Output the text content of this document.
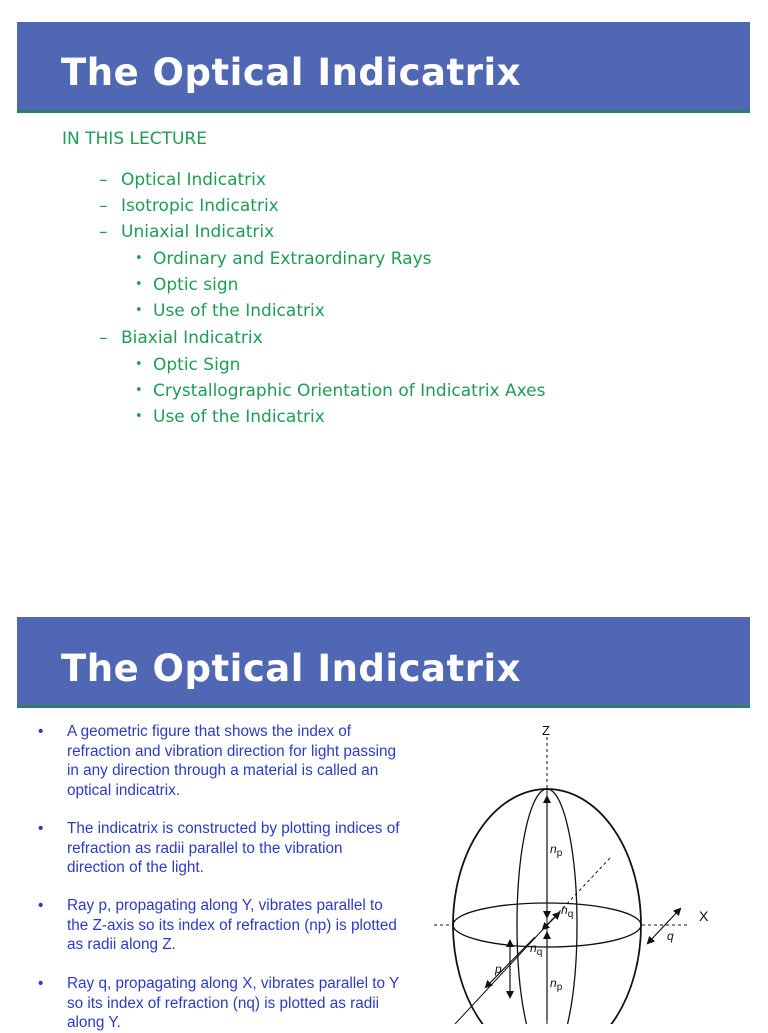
The Optical Indicatrix
IN THIS LECTURE
– Optical Indicatrix
– Isotropic Indicatrix
– Uniaxial Indicatrix
• Ordinary and Extraordinary Rays
• Optic sign
• Use of the Indicatrix
– Biaxial Indicatrix
• Optic Sign
• Crystallographic Orientation of Indicatrix Axes
• Use of the Indicatrix
The Optical Indicatrix
• A geometric figure that shows the index of refraction and vibration direction for light passing in any direction through a material is called an optical indicatrix.
• The indicatrix is constructed by plotting indices of refraction as radii parallel to the vibration direction of the light.
• Ray p, propagating along Y, vibrates parallel to the Z-axis so its index of refraction (np) is plotted as radii along Z.
• Ray q, propagating along X, vibrates parallel to Y so its index of refraction (nq) is plotted as radii along Y.
Z
X
$n_p$
$n_p$
$n_q$
$n_q$
p
q
